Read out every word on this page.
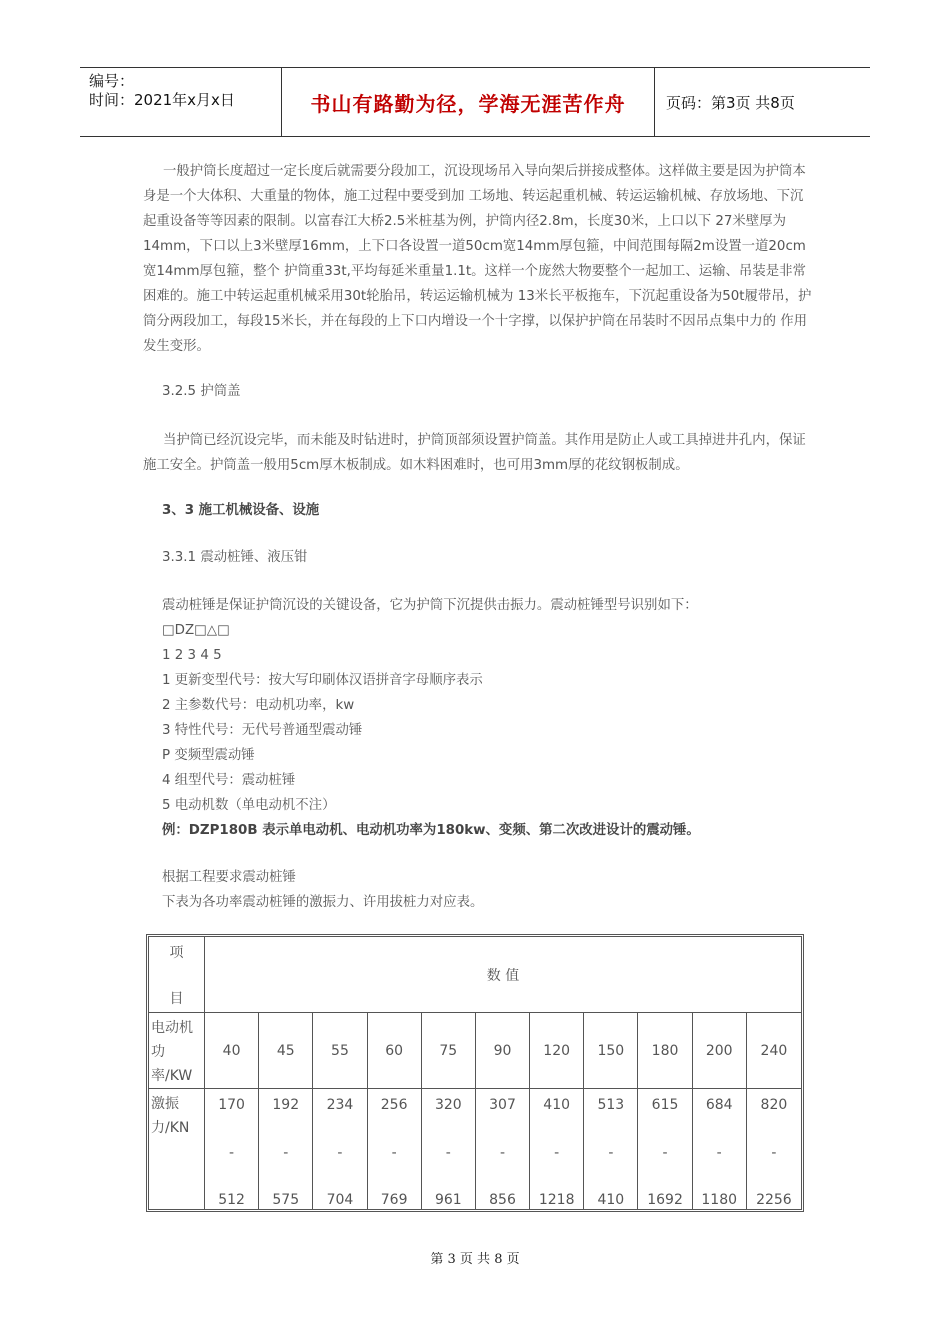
编号：
时间：2021年x月x日	书山有路勤为径，学海无涯苦作舟	页码：第3页 共8页
一般护筒长度超过一定长度后就需要分段加工，沉设现场吊入导向架后拼接成整体。这样做主要是因为护筒本身是一个大体积、大重量的物体，施工过程中要受到加 工场地、转运起重机械、转运运输机械、存放场地、下沉起重设备等等因素的限制。以富春江大桥2.5米桩基为例，护筒内径2.8m，长度30米，上口以下 27米壁厚为14mm，下口以上3米壁厚16mm，上下口各设置一道50cm宽14mm厚包箍，中间范围每隔2m设置一道20cm宽14mm厚包箍，整个 护筒重33t,平均每延米重量1.1t。这样一个庞然大物要整个一起加工、运输、吊装是非常困难的。施工中转运起重机械采用30t轮胎吊，转运运输机械为 13米长平板拖车，下沉起重设备为50t履带吊，护筒分两段加工，每段15米长，并在每段的上下口内增设一个十字撑，以保护护筒在吊装时不因吊点集中力的 作用发生变形。
3.2.5 护筒盖
当护筒已经沉设完毕，而未能及时钻进时，护筒顶部须设置护筒盖。其作用是防止人或工具掉进井孔内，保证施工安全。护筒盖一般用5cm厚木板制成。如木料困难时，也可用3mm厚的花纹钢板制成。
3、3 施工机械设备、设施
3.3.1 震动桩锤、液压钳
震动桩锤是保证护筒沉设的关键设备，它为护筒下沉提供击振力。震动桩锤型号识别如下：
□DZ□△□
1 2 3 4 5
1 更新变型代号：按大写印刷体汉语拼音字母顺序表示
2 主参数代号：电动机功率，kw
3 特性代号：无代号普通型震动锤
P 变频型震动锤
4 组型代号：震动桩锤
5 电动机数（单电动机不注）
例：DZP180B 表示单电动机、电动机功率为180kw、变频、第二次改进设计的震动锤。
根据工程要求震动桩锤
下表为各功率震动桩锤的激振力、许用拔桩力对应表。
项
目
数 值
电动机功率/KW
激振力/KN
40
170
-
512
45
192
-
575
55
234
-
704
60
256
-
769
75
320
-
961
90
307
-
856
120
410
-
1218
150
513
-
410
180
615
-
1692
200
684
-
1180
240
820
-
2256
第 3 页 共 8 页
